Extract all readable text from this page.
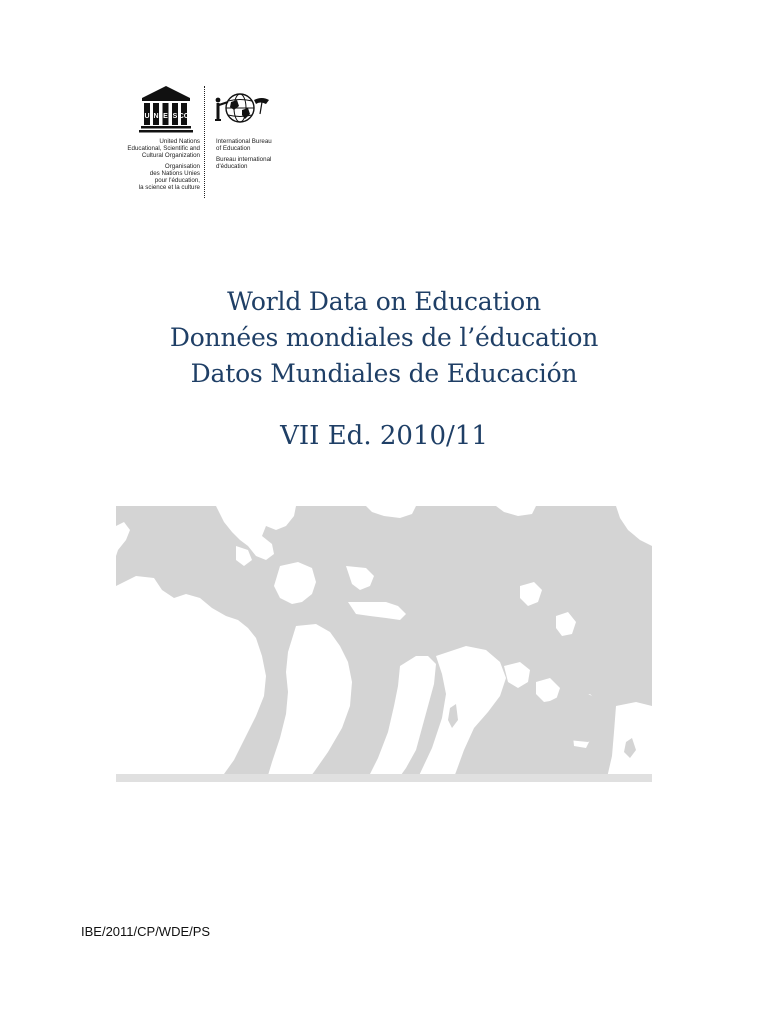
U N E S CO
United Nations
Educational, Scientific and
Cultural Organization
Organisation
des Nations Unies
pour l'éducation,
la science et la culture
International Bureau
of Education
Bureau international
d'éducation
World Data on Education
Données mondiales de l’éducation
Datos Mundiales de Educación
VII Ed. 2010/11
IBE/2011/CP/WDE/PS
